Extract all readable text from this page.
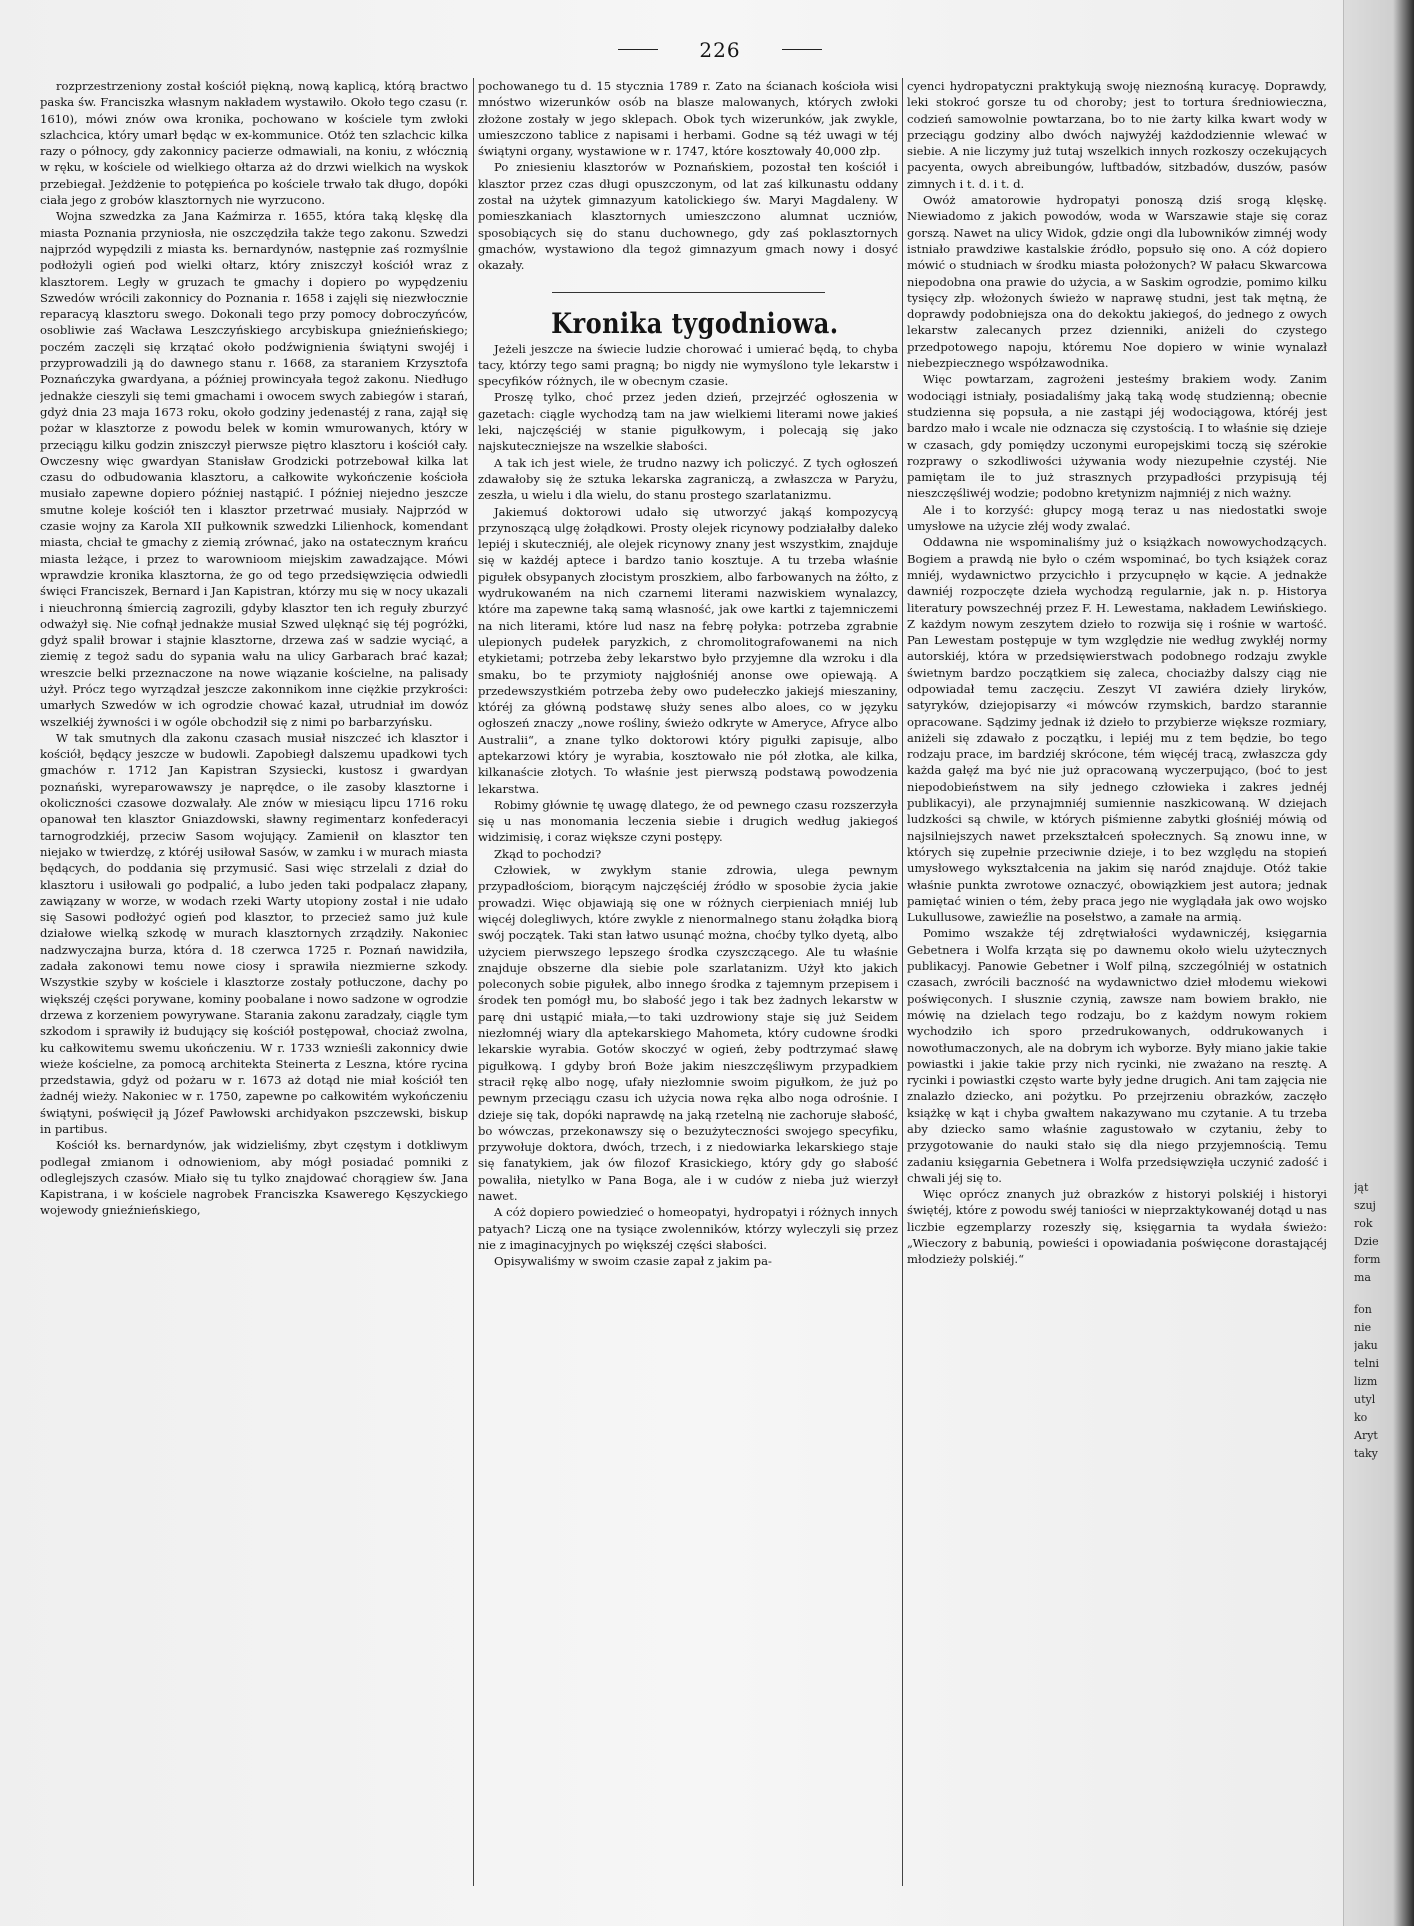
226

rozprzestrzeniony został kościół piękną, nową kaplicą, którą bractwo paska św. Franciszka własnym nakładem wystawiło. Około tego czasu (r. 1610), mówi znów owa kronika, pochowano w kościele tym zwłoki szlachcica, który umarł będąc w ex-kommunice. Otóż ten szlachcic kilka razy o północy, gdy zakonnicy pacierze odmawiali, na koniu, z włócznią w ręku, w kościele od wielkiego ołtarza aż do drzwi wielkich na wyskok przebiegał. Jeżdżenie to potępieńca po kościele trwało tak długo, dopóki ciała jego z grobów klasztornych nie wyrzucono.

Wojna szwedzka za Jana Kaźmirza r. 1655, która taką klęskę dla miasta Poznania przyniosła, nie oszczędziła także tego zakonu. Szwedzi najprzód wypędzili z miasta ks. bernardynów, następnie zaś rozmyślnie podłożyli ogień pod wielki ołtarz, który zniszczył kościół wraz z klasztorem. Legły w gruzach te gmachy i dopiero po wypędzeniu Szwedów wrócili zakonnicy do Poznania r. 1658 i zajęli się niezwłocznie reparacyą klasztoru swego. Dokonali tego przy pomocy dobroczyńców, osobliwie zaś Wacława Leszczyńskiego arcybiskupa gnieźnieńskiego; poczém zaczęli się krzątać około podźwignienia świątyni swojéj i przyprowadzili ją do dawnego stanu r. 1668, za staraniem Krzysztofa Poznańczyka gwardyana, a później prowincyała tegoż zakonu. Niedługo jednakże cieszyli się temi gmachami i owocem swych zabiegów i starań, gdyż dnia 23 maja 1673 roku, około godziny jedenastéj z rana, zajął się pożar w klasztorze z powodu belek w komin wmurowanych, który w przeciągu kilku godzin zniszczył pierwsze piętro klasztoru i kościół cały. Owczesny więc gwardyan Stanisław Grodzicki potrzebował kilka lat czasu do odbudowania klasztoru, a całkowite wykończenie kościoła musiało zapewne dopiero później nastąpić. I później niejedno jeszcze smutne koleje kościół ten i klasztor przetrwać musiały. Najprzód w czasie wojny za Karola XII pułkownik szwedzki Lilienhock, komendant miasta, chciał te gmachy z ziemią zrównać, jako na ostatecznym krańcu miasta leżące, i przez to warownioom miejskim zawadzające. Mówi wprawdzie kronika klasztorna, że go od tego przedsięwzięcia odwiedli święci Franciszek, Bernard i Jan Kapistran, którzy mu się w nocy ukazali i nieuchronną śmiercią zagrozili, gdyby klasztor ten ich reguły zburzyć odważył się. Nie cofnął jednakże musiał Szwed ulęknąć się téj pogróżki, gdyż spalił browar i stajnie klasztorne, drzewa zaś w sadzie wyciąć, a ziemię z tegoż sadu do sypania wału na ulicy Garbarach brać kazał; wreszcie belki przeznaczone na nowe wiązanie kościelne, na palisady użył. Prócz tego wyrządzał jeszcze zakonnikom inne ciężkie przykrości: umarłych Szwedów w ich ogrodzie chować kazał, utrudniał im dowóz wszelkiéj żywności i w ogóle obchodził się z nimi po barbarzyńsku.

W tak smutnych dla zakonu czasach musiał niszczeć ich klasztor i kościół, będący jeszcze w budowli. Zapobiegł dalszemu upadkowi tych gmachów r. 1712 Jan Kapistran Szysiecki, kustosz i gwardyan poznański, wyreparowawszy je naprędce, o ile zasoby klasztorne i okoliczności czasowe dozwalały. Ale znów w miesiącu lipcu 1716 roku opanował ten klasztor Gniazdowski, sławny regimentarz konfederacyi tarnogrodzkiéj, przeciw Sasom wojujący. Zamienił on klasztor ten niejako w twierdzę, z któréj usiłował Sasów, w zamku i w murach miasta będących, do poddania się przymusić. Sasi więc strzelali z dział do klasztoru i usiłowali go podpalić, a lubo jeden taki podpalacz złapany, zawiązany w worze, w wodach rzeki Warty utopiony został i nie udało się Sasowi podłożyć ogień pod klasztor, to przecież samo już kule działowe wielką szkodę w murach klasztornych zrządziły. Nakoniec nadzwyczajna burza, która d. 18 czerwca 1725 r. Poznań nawidziła, zadała zakonowi temu nowe ciosy i sprawiła niezmierne szkody. Wszystkie szyby w kościele i klasztorze zostały potłuczone, dachy po większéj części porywane, kominy poobalane i nowo sadzone w ogrodzie drzewa z korzeniem powyrywane. Starania zakonu zaradzały, ciągle tym szkodom i sprawiły iż budujący się kościół postępował, chociaż zwolna, ku całkowitemu swemu ukończeniu. W r. 1733 wznieśli zakonnicy dwie wieże kościelne, za pomocą architekta Steinerta z Leszna, które rycina przedstawia, gdyż od pożaru w r. 1673 aż dotąd nie miał kościół ten żadnéj wieży. Nakoniec w r. 1750, zapewne po całkowitém wykończeniu świątyni, poświęcił ją Józef Pawłowski archidyakon pszczewski, biskup in partibus.

Kościół ks. bernardynów, jak widzieliśmy, zbyt częstym i dotkliwym podlegał zmianom i odnowieniom, aby mógł posiadać pomniki z odleglejszych czasów. Miało się tu tylko znajdować chorągiew św. Jana Kapistrana, i w kościele nagrobek Franciszka Ksawerego Kęszyckiego wojewody gnieźnieńskiego,

pochowanego tu d. 15 stycznia 1789 r. Zato na ścianach kościoła wisi mnóstwo wizerunków osób na blasze malowanych, których zwłoki złożone zostały w jego sklepach. Obok tych wizerunków, jak zwykle, umieszczono tablice z napisami i herbami. Godne są téż uwagi w téj świątyni organy, wystawione w r. 1747, które kosztowały 40,000 złp.

Po zniesieniu klasztorów w Poznańskiem, pozostał ten kościół i klasztor przez czas długi opuszczonym, od lat zaś kilkunastu oddany został na użytek gimnazyum katolickiego św. Maryi Magdaleny. W pomieszkaniach klasztornych umieszczono alumnat uczniów, sposobiących się do stanu duchownego, gdy zaś poklasztornych gmachów, wystawiono dla tegoż gimnazyum gmach nowy i dosyć okazały.

Kronika tygodniowa.

Jeżeli jeszcze na świecie ludzie chorować i umierać będą, to chyba tacy, którzy tego sami pragną; bo nigdy nie wymyślono tyle lekarstw i specyfików różnych, ile w obecnym czasie.

Proszę tylko, choć przez jeden dzień, przejrzéć ogłoszenia w gazetach: ciągle wychodzą tam na jaw wielkiemi literami nowe jakieś leki, najczęściéj w stanie pigułkowym, i polecają się jako najskuteczniejsze na wszelkie słabości.

A tak ich jest wiele, że trudno nazwy ich policzyć. Z tych ogłoszeń zdawałoby się że sztuka lekarska zagraniczą, a zwłaszcza w Paryżu, zeszła, u wielu i dla wielu, do stanu prostego szarlatanizmu.

Jakiemuś doktorowi udało się utworzyć jakąś kompozycyą przynoszącą ulgę żołądkowi. Prosty olejek ricynowy podziałałby daleko lepiéj i skuteczniéj, ale olejek ricynowy znany jest wszystkim, znajduje się w każdéj aptece i bardzo tanio kosztuje. A tu trzeba właśnie pigułek obsypanych złocistym proszkiem, albo farbowanych na żółto, z wydrukowaném na nich czarnemi literami nazwiskiem wynalazcy, które ma zapewne taką samą własność, jak owe kartki z tajemniczemi na nich literami, które lud nasz na febrę połyka: potrzeba zgrabnie ulepionych pudełek paryzkich, z chromolitografowanemi na nich etykietami; potrzeba żeby lekarstwo było przyjemne dla wzroku i dla smaku, bo te przymioty najgłośniéj anonse owe opiewają. A przedewszystkiém potrzeba żeby owo pudełeczko jakiejś mieszaniny, któréj za główną podstawę służy senes albo aloes, co w języku ogłoszeń znaczy „nowe rośliny, świeżo odkryte w Ameryce, Afryce albo Australii“, a znane tylko doktorowi który pigułki zapisuje, albo aptekarzowi który je wyrabia, kosztowało nie pół złotka, ale kilka, kilkanaście złotych. To właśnie jest pierwszą podstawą powodzenia lekarstwa.

Robimy głównie tę uwagę dlatego, że od pewnego czasu rozszerzyła się u nas monomania leczenia siebie i drugich według jakiegoś widzimisię, i coraz większe czyni postępy.

Zkąd to pochodzi?

Człowiek, w zwykłym stanie zdrowia, ulega pewnym przypadłościom, biorącym najczęściéj źródło w sposobie życia jakie prowadzi. Więc objawiają się one w różnych cierpieniach mniéj lub więcéj dolegliwych, które zwykle z nienormalnego stanu żołądka biorą swój początek. Taki stan łatwo usunąć można, choćby tylko dyetą, albo użyciem pierwszego lepszego środka czyszczącego. Ale tu właśnie znajduje obszerne dla siebie pole szarlatanizm. Użył kto jakich poleconych sobie pigułek, albo innego środka z tajemnym przepisem i środek ten pomógł mu, bo słabość jego i tak bez żadnych lekarstw w parę dni ustąpić miała,—to taki uzdrowiony staje się już Seidem niezłomnéj wiary dla aptekarskiego Mahometa, który cudowne środki lekarskie wyrabia. Gotów skoczyć w ogień, żeby podtrzymać sławę pigułkową. I gdyby broń Boże jakim nieszczęśliwym przypadkiem stracił rękę albo nogę, ufały niezłomnie swoim pigułkom, że już po pewnym przeciągu czasu ich użycia nowa ręka albo noga odrośnie. I dzieje się tak, dopóki naprawdę na jaką rzetelną nie zachoruje słabość, bo wówczas, przekonawszy się o bezużyteczności swojego specyfiku, przywołuje doktora, dwóch, trzech, i z niedowiarka lekarskiego staje się fanatykiem, jak ów filozof Krasickiego, który gdy go słabość powaliła, nietylko w Pana Boga, ale i w cudów z nieba już wierzył nawet.

A cóż dopiero powiedzieć o homeopatyi, hydropatyi i różnych innych patyach? Liczą one na tysiące zwolenników, którzy wyleczyli się przez nie z imaginacyjnych po większéj części słabości.

Opisywaliśmy w swoim czasie zapał z jakim pa-

cyenci hydropatyczni praktykują swoję nieznośną kuracyę. Doprawdy, leki stokroć gorsze tu od choroby; jest to tortura średniowieczna, codzień samowolnie powtarzana, bo to nie żarty kilka kwart wody w przeciągu godziny albo dwóch najwyżéj każdodziennie wlewać w siebie. A nie liczymy już tutaj wszelkich innych rozkoszy oczekujących pacyenta, owych abreibungów, luftbadów, sitzbadów, duszów, pasów zimnych i t. d. i t. d.

Owóż amatorowie hydropatyi ponoszą dziś srogą klęskę. Niewiadomo z jakich powodów, woda w Warszawie staje się coraz gorszą. Nawet na ulicy Widok, gdzie ongi dla lubowników zimnéj wody istniało prawdziwe kastalskie źródło, popsuło się ono. A cóż dopiero mówić o studniach w środku miasta położonych? W pałacu Skwarcowa niepodobna ona prawie do użycia, a w Saskim ogrodzie, pomimo kilku tysięcy złp. włożonych świeżo w naprawę studni, jest tak mętną, że doprawdy podobniejsza ona do dekoktu jakiegoś, do jednego z owych lekarstw zalecanych przez dzienniki, aniżeli do czystego przedpotowego napoju, któremu Noe dopiero w winie wynalazł niebezpiecznego współzawodnika.

Więc powtarzam, zagrożeni jesteśmy brakiem wody. Zanim wodociągi istniały, posiadaliśmy jaką taką wodę studzienną; obecnie studzienna się popsuła, a nie zastąpi jéj wodociągowa, któréj jest bardzo mało i wcale nie odznacza się czystością. I to właśnie się dzieje w czasach, gdy pomiędzy uczonymi europejskimi toczą się szérokie rozprawy o szkodliwości używania wody niezupełnie czystéj. Nie pamiętam ile to już strasznych przypadłości przypisują téj nieszczęśliwéj wodzie; podobno kretynizm najmniéj z nich ważny.

Ale i to korzyść: głupcy mogą teraz u nas niedostatki swoje umysłowe na użycie złéj wody zwalać.

Oddawna nie wspominaliśmy już o książkach nowowychodzących. Bogiem a prawdą nie było o czém wspominać, bo tych książek coraz mniéj, wydawnictwo przycichło i przycupnęło w kącie. A jednakże dawniéj rozpoczęte dzieła wychodzą regularnie, jak n. p. Historya literatury powszechnéj przez F. H. Lewestama, nakładem Lewińskiego. Z każdym nowym zeszytem dzieło to rozwija się i rośnie w wartość. Pan Lewestam postępuje w tym względzie nie według zwykłéj normy autorskiéj, która w przedsięwierstwach podobnego rodzaju zwykle świetnym bardzo początkiem się zaleca, chociażby dalszy ciąg nie odpowiadał temu zaczęciu. Zeszyt VI zawiéra dzieły liryków, satyryków, dziejopisarzy «i mówców rzymskich, bardzo starannie opracowane. Sądzimy jednak iż dzieło to przybierze większe rozmiary, aniżeli się zdawało z początku, i lepiéj mu z tem będzie, bo tego rodzaju prace, im bardziéj skrócone, tém więcéj tracą, zwłaszcza gdy każda gałęź ma być nie już opracowaną wyczerpująco, (boć to jest niepodobieństwem na siły jednego człowieka i zakres jednéj publikacyi), ale przynajmniéj sumiennie naszkicowaną. W dziejach ludzkości są chwile, w których piśmienne zabytki głośniéj mówią od najsilniejszych nawet przekształceń społecznych. Są znowu inne, w których się zupełnie przeciwnie dzieje, i to bez względu na stopień umysłowego wykształcenia na jakim się naród znajduje. Otóż takie właśnie punkta zwrotowe oznaczyć, obowiązkiem jest autora; jednak pamiętać winien o tém, żeby praca jego nie wyglądała jak owo wojsko Lukullusowe, zawieźlie na posełstwo, a zamałe na armią.

Pomimo wszakże téj zdrętwiałości wydawniczéj, księgarnia Gebetnera i Wolfa krząta się po dawnemu około wielu użytecznych publikacyj. Panowie Gebetner i Wolf pilną, szczególniéj w ostatnich czasach, zwrócili baczność na wydawnictwo dzieł młodemu wiekowi poświęconych. I słusznie czynią, zawsze nam bowiem brakło, nie mówię na dzielach tego rodzaju, bo z każdym nowym rokiem wychodziło ich sporo przedrukowanych, oddrukowanych i nowotłumaczonych, ale na dobrym ich wyborze. Były miano jakie takie powiastki i jakie takie przy nich rycinki, nie zważano na resztę. A rycinki i powiastki często warte były jedne drugich. Ani tam zajęcia nie znalazło dziecko, ani pożytku. Po przejrzeniu obrazków, zaczęło książkę w kąt i chyba gwałtem nakazywano mu czytanie. A tu trzeba aby dziecko samo właśnie zagustowało w czytaniu, żeby to przygotowanie do nauki stało się dla niego przyjemnością. Temu zadaniu księgarnia Gebetnera i Wolfa przedsięwzięła uczynić zadość i chwali jéj się to.

Więc oprócz znanych już obrazków z historyi polskiéj i historyi świętéj, które z powodu swéj taniości w nieprzaktykowanéj dotąd u nas liczbie egzemplarzy rozeszły się, księgarnia ta wydała świeżo: „Wieczory z babunią, powieści i opowiadania poświęcone dorastającéj młodzieży polskiéj.“

jąt
szuj
rok
Dzie
form
ma
fon
nie
jaku
telni
lizm
utyl
ko
Aryt
taky
